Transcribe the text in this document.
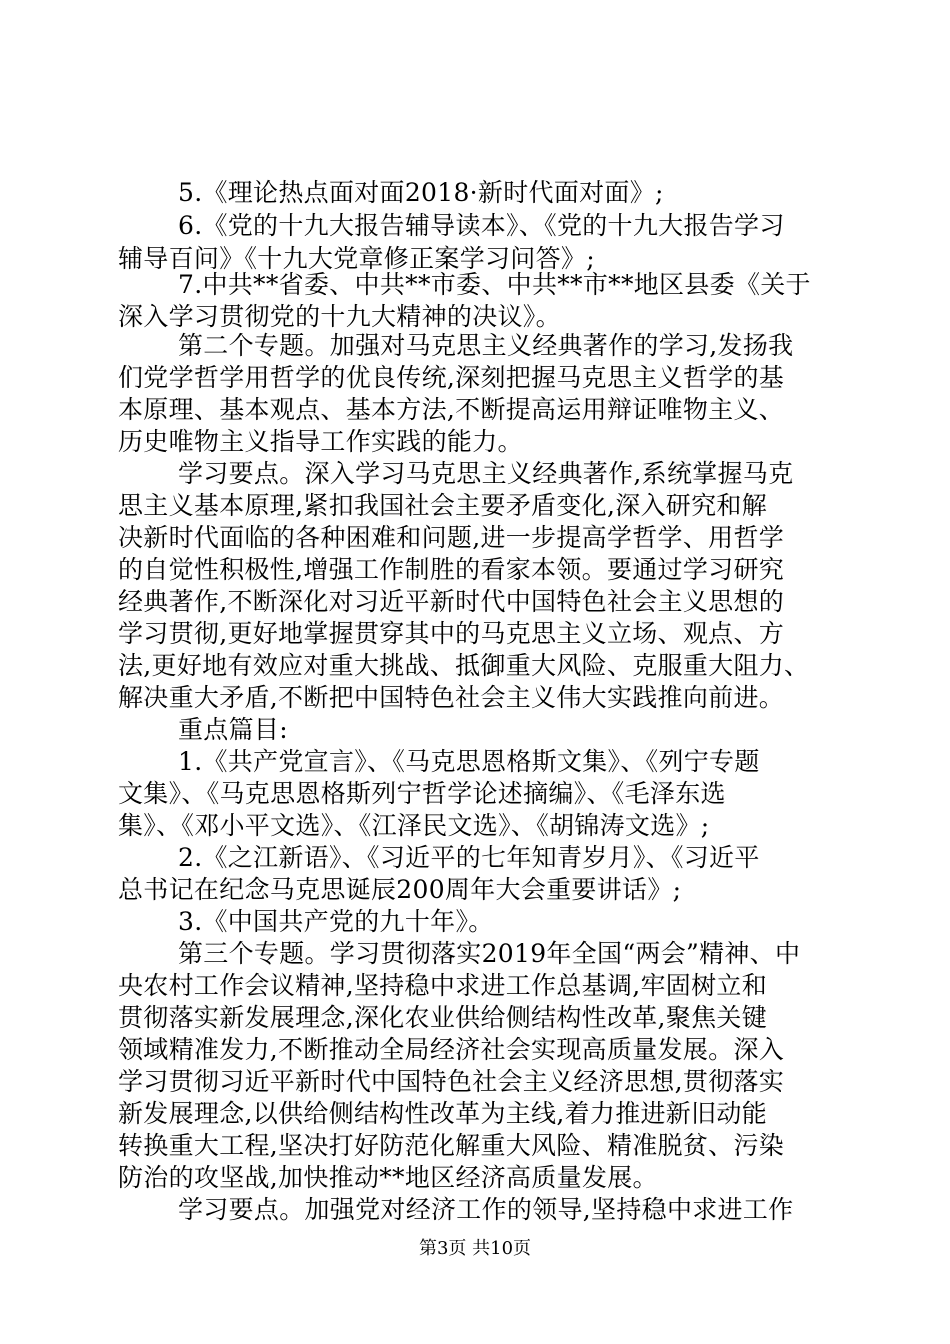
5.《理论热点面对面2018·新时代面对面》;
6.《党的十九大报告辅导读本》、《党的十九大报告学习
辅导百问》《十九大党章修正案学习问答》;
7.中共**省委、中共**市委、中共**市**地区县委《关于
深入学习贯彻党的十九大精神的决议》。
第二个专题。加强对马克思主义经典著作的学习,发扬我
们党学哲学用哲学的优良传统,深刻把握马克思主义哲学的基
本原理、基本观点、基本方法,不断提高运用辩证唯物主义、
历史唯物主义指导工作实践的能力。
学习要点。深入学习马克思主义经典著作,系统掌握马克
思主义基本原理,紧扣我国社会主要矛盾变化,深入研究和解
决新时代面临的各种困难和问题,进一步提高学哲学、用哲学
的自觉性积极性,增强工作制胜的看家本领。要通过学习研究
经典著作,不断深化对习近平新时代中国特色社会主义思想的
学习贯彻,更好地掌握贯穿其中的马克思主义立场、观点、方
法,更好地有效应对重大挑战、抵御重大风险、克服重大阻力、
解决重大矛盾,不断把中国特色社会主义伟大实践推向前进。
重点篇目:
1.《共产党宣言》、《马克思恩格斯文集》、《列宁专题
文集》、《马克思恩格斯列宁哲学论述摘编》、《毛泽东选
集》、《邓小平文选》、《江泽民文选》、《胡锦涛文选》;
2.《之江新语》、《习近平的七年知青岁月》、《习近平
总书记在纪念马克思诞辰200周年大会重要讲话》;
3.《中国共产党的九十年》。
第三个专题。学习贯彻落实2019年全国“两会”精神、中
央农村工作会议精神,坚持稳中求进工作总基调,牢固树立和
贯彻落实新发展理念,深化农业供给侧结构性改革,聚焦关键
领域精准发力,不断推动全局经济社会实现高质量发展。深入
学习贯彻习近平新时代中国特色社会主义经济思想,贯彻落实
新发展理念,以供给侧结构性改革为主线,着力推进新旧动能
转换重大工程,坚决打好防范化解重大风险、精准脱贫、污染
防治的攻坚战,加快推动**地区经济高质量发展。
学习要点。加强党对经济工作的领导,坚持稳中求进工作
第3页 共10页
